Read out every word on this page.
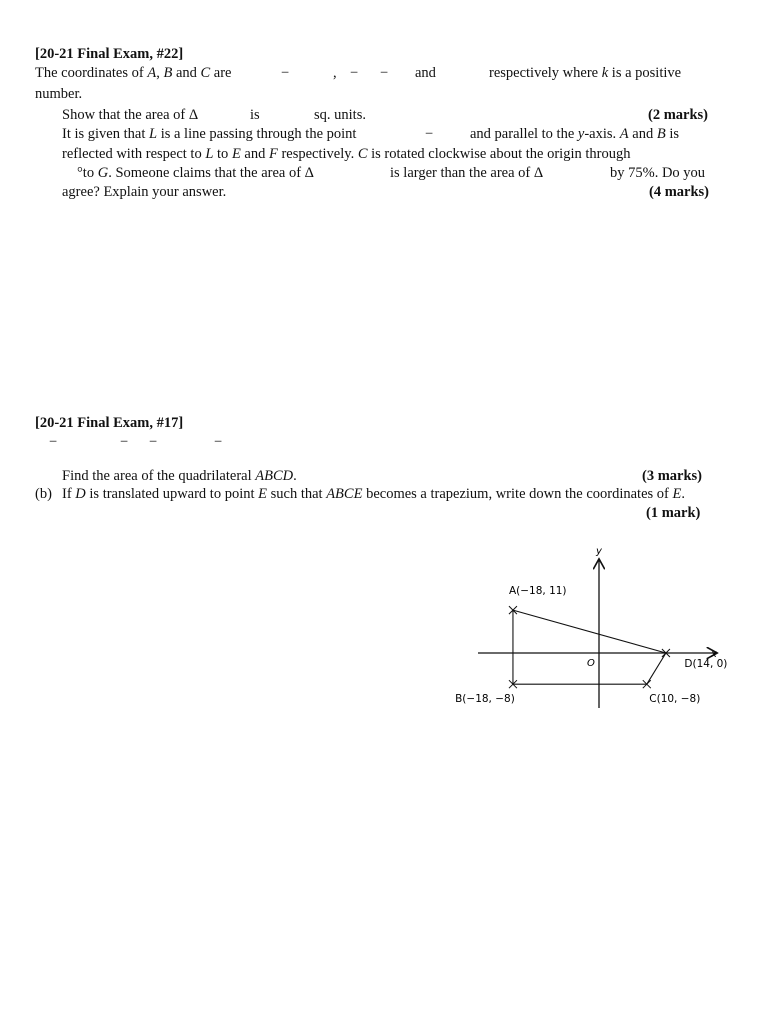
[20-21 Final Exam, #22]
The coordinates of A, B and C are	−	, − − and	respectively where k is a positive
number.
Show that the area of Δ	is	sq. units.	(2 marks)
It is given that L is a line passing through the point	−	and parallel to the y-axis. A and B is
reflected with respect to L to E and F respectively. C is rotated clockwise about the origin through
°to G. Someone claims that the area of Δ	is larger than the area of Δ	by 75%. Do you
agree? Explain your answer.	(4 marks)
[20-21 Final Exam, #17]
−	− −	−
Find the area of the quadrilateral ABCD.	(3 marks)
(b) If D is translated upward to point E such that ABCE becomes a trapezium, write down the coordinates of E.
(1 mark)
x
y
O
A(−18, 11)
B(−18, −8)	C(10, −8)
D(14, 0)
